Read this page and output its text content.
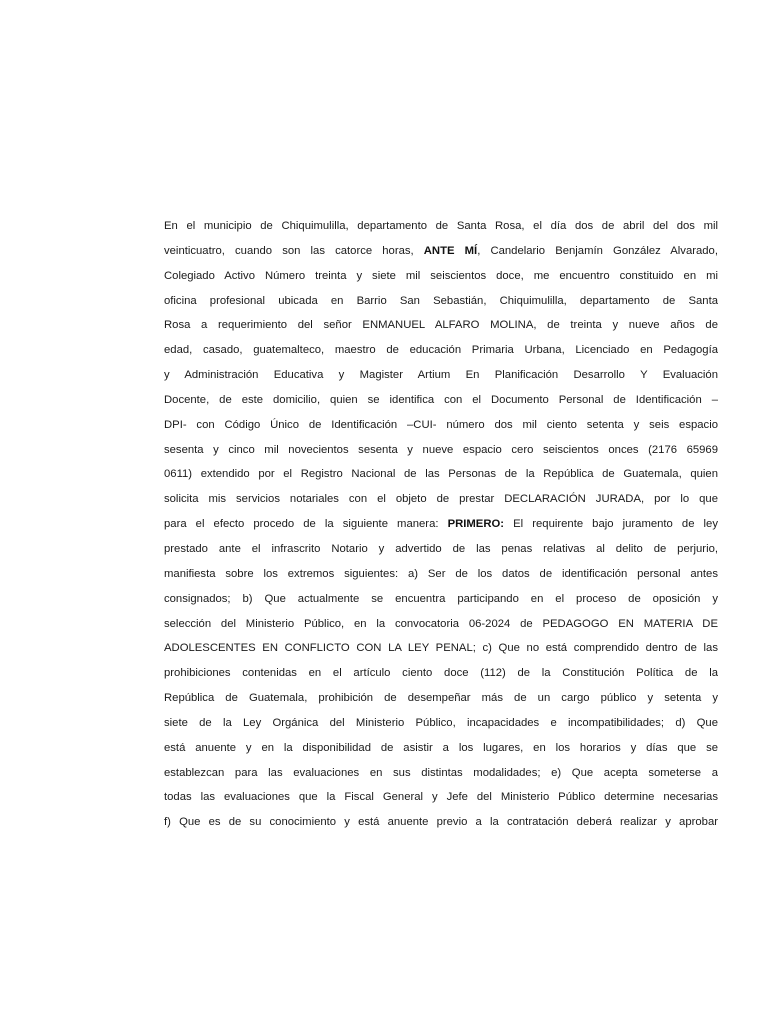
En el municipio de Chiquimulilla, departamento de Santa Rosa, el día dos de abril del dos mil
veinticuatro, cuando son las catorce horas, ANTE MÍ, Candelario Benjamín González Alvarado,
Colegiado Activo Número treinta y siete mil seiscientos doce, me encuentro constituido en mi
oficina profesional ubicada en Barrio San Sebastián, Chiquimulilla, departamento de Santa
Rosa a requerimiento del señor ENMANUEL ALFARO MOLINA, de treinta y nueve años de
edad, casado, guatemalteco, maestro de educación Primaria Urbana, Licenciado en Pedagogía
y Administración Educativa y Magister Artium En Planificación Desarrollo Y Evaluación
Docente, de este domicilio, quien se identifica con el Documento Personal de Identificación –
DPI- con Código Único de Identificación –CUI- número dos mil ciento setenta y seis espacio
sesenta y cinco mil novecientos sesenta y nueve espacio cero seiscientos onces (2176 65969
0611) extendido por el Registro Nacional de las Personas de la República de Guatemala, quien
solicita mis servicios notariales con el objeto de prestar DECLARACIÓN JURADA, por lo que
para el efecto procedo de la siguiente manera: PRIMERO: El requirente bajo juramento de ley
prestado ante el infrascrito Notario y advertido de las penas relativas al delito de perjurio,
manifiesta sobre los extremos siguientes: a) Ser de los datos de identificación personal antes
consignados; b) Que actualmente se encuentra participando en el proceso de oposición y
selección del Ministerio Público, en la convocatoria 06-2024 de PEDAGOGO EN MATERIA DE
ADOLESCENTES EN CONFLICTO CON LA LEY PENAL; c) Que no está comprendido dentro de las
prohibiciones contenidas en el artículo ciento doce (112) de la Constitución Política de la
República de Guatemala, prohibición de desempeñar más de un cargo público y setenta y
siete de la Ley Orgánica del Ministerio Público, incapacidades e incompatibilidades; d) Que
está anuente y en la disponibilidad de asistir a los lugares, en los horarios y días que se
establezcan para las evaluaciones en sus distintas modalidades; e) Que acepta someterse a
todas las evaluaciones que la Fiscal General y Jefe del Ministerio Público determine necesarias
f) Que es de su conocimiento y está anuente previo a la contratación deberá realizar y aprobar
